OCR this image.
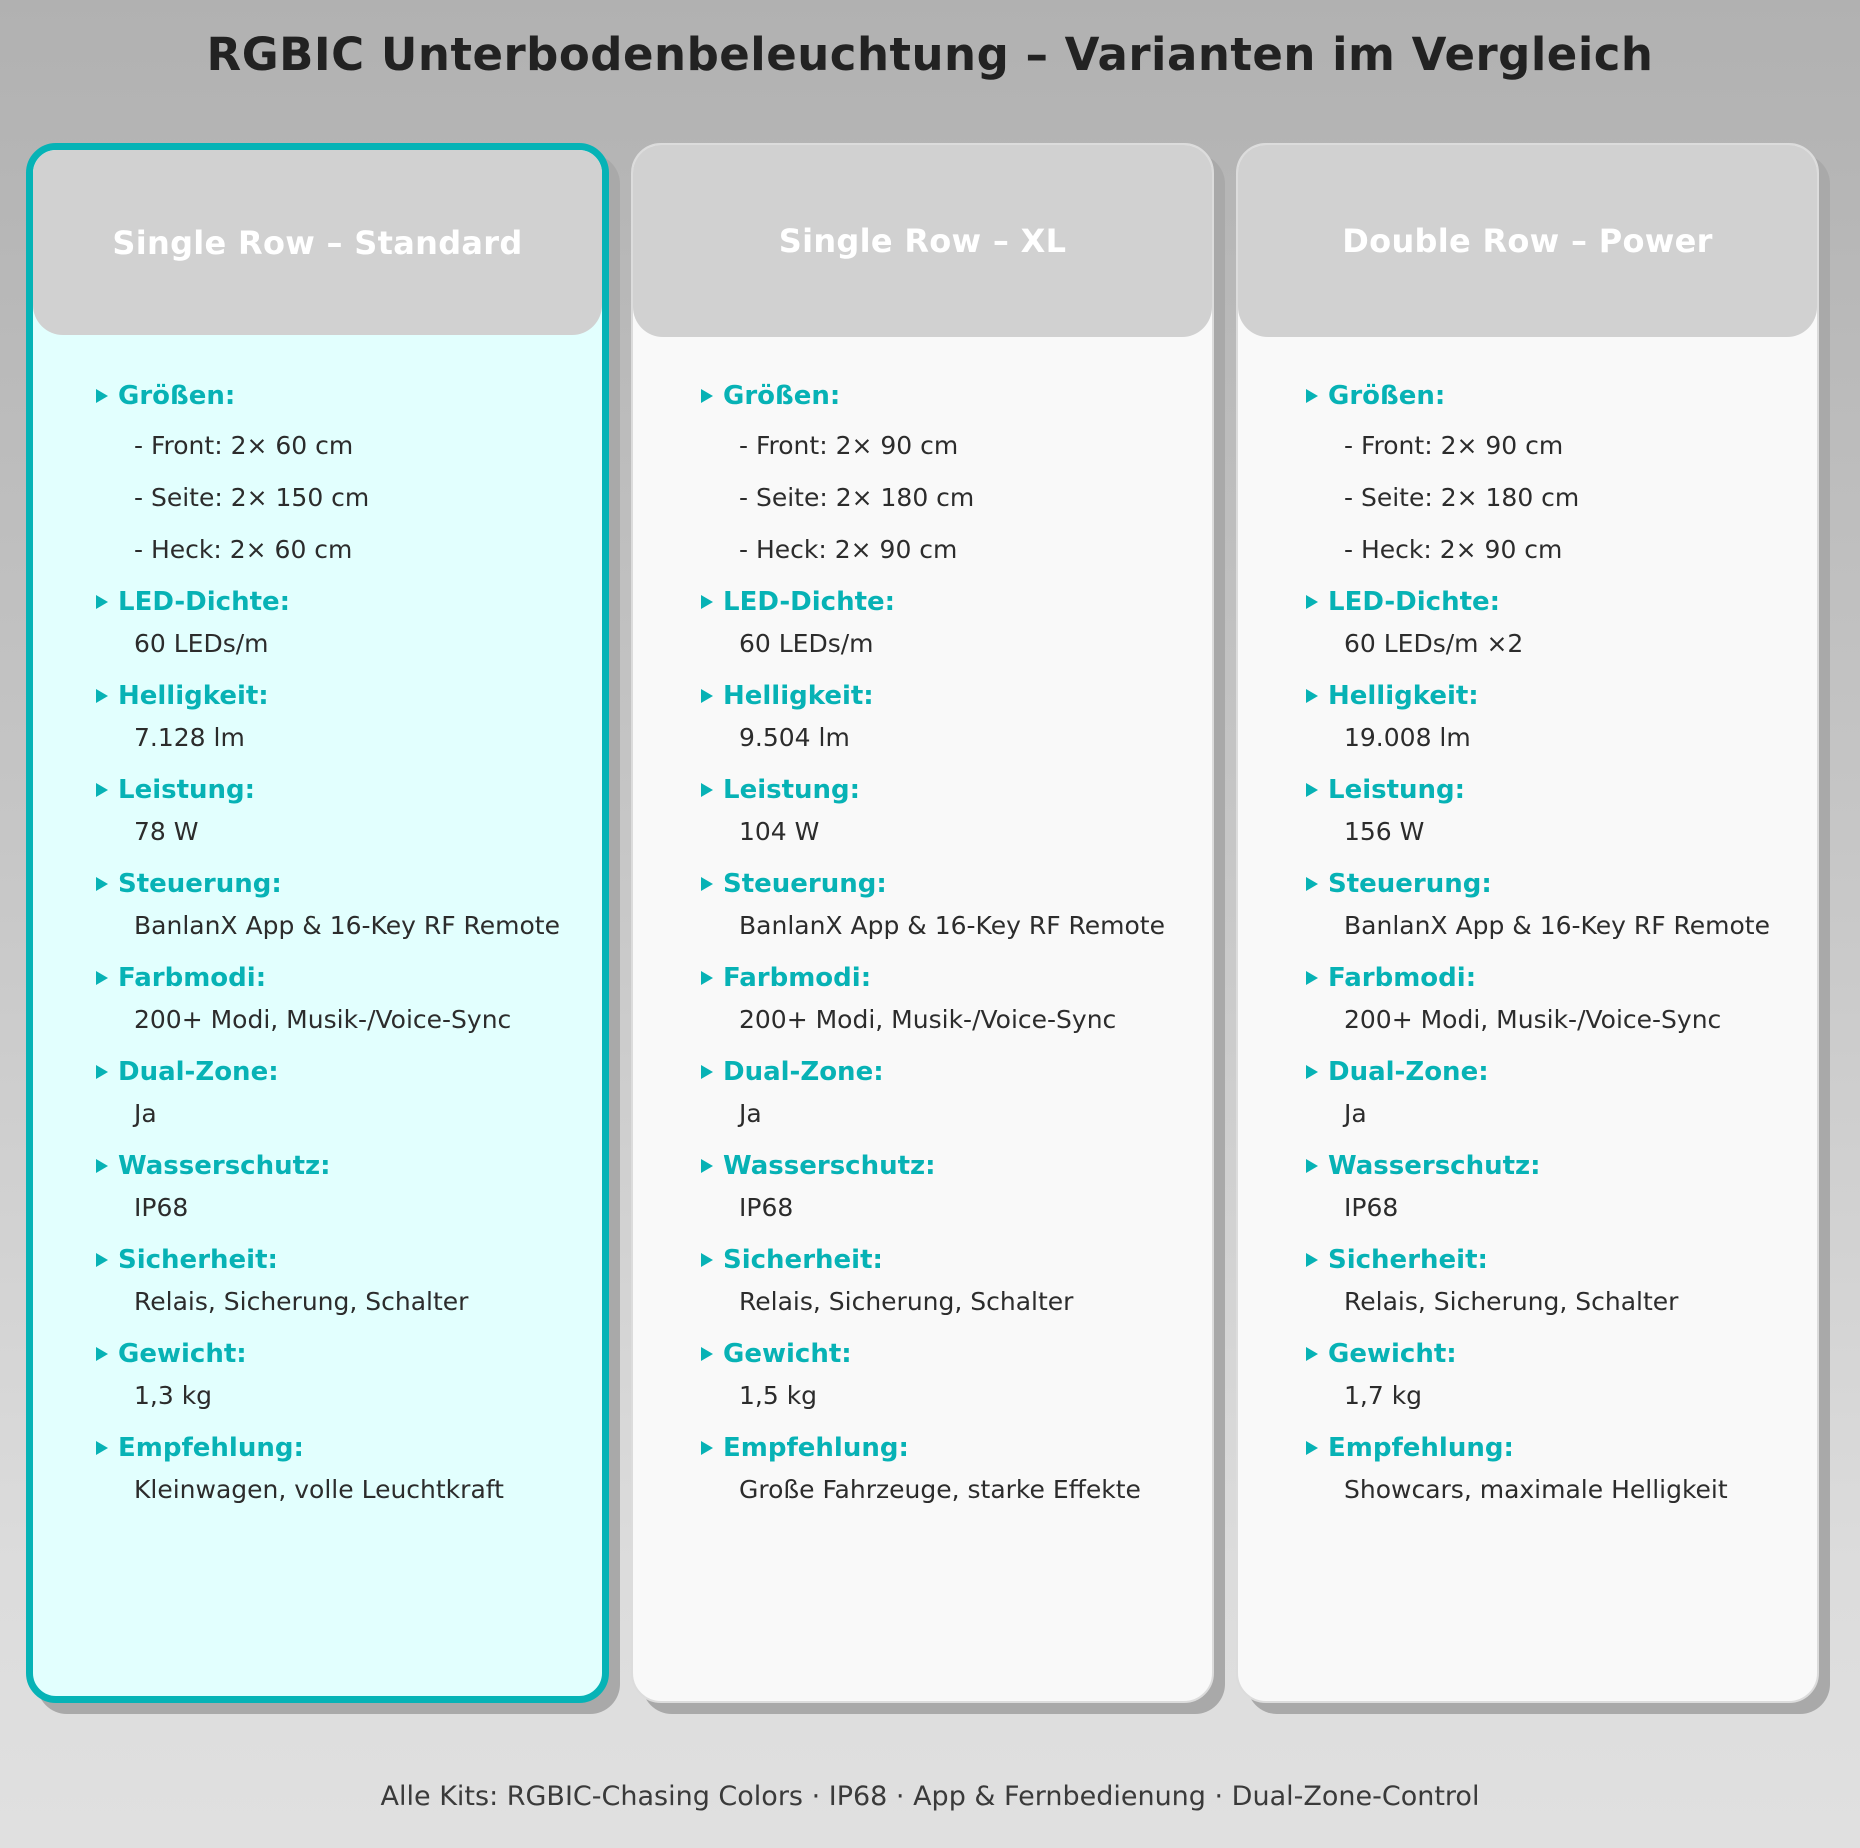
RGBIC Unterbodenbeleuchtung – Varianten im Vergleich
Single Row – Standard
Größen:
- Front: 2× 60 cm
- Seite: 2× 150 cm
- Heck: 2× 60 cm
LED-Dichte:
60 LEDs/m
Helligkeit:
7.128 lm
Leistung:
78 W
Steuerung:
BanlanX App & 16-Key RF Remote
Farbmodi:
200+ Modi, Musik-/Voice-Sync
Dual-Zone:
Ja
Wasserschutz:
IP68
Sicherheit:
Relais, Sicherung, Schalter
Gewicht:
1,3 kg
Empfehlung:
Kleinwagen, volle Leuchtkraft
Single Row – XL
Größen:
- Front: 2× 90 cm
- Seite: 2× 180 cm
- Heck: 2× 90 cm
LED-Dichte:
60 LEDs/m
Helligkeit:
9.504 lm
Leistung:
104 W
Steuerung:
BanlanX App & 16-Key RF Remote
Farbmodi:
200+ Modi, Musik-/Voice-Sync
Dual-Zone:
Ja
Wasserschutz:
IP68
Sicherheit:
Relais, Sicherung, Schalter
Gewicht:
1,5 kg
Empfehlung:
Große Fahrzeuge, starke Effekte
Double Row – Power
Größen:
- Front: 2× 90 cm
- Seite: 2× 180 cm
- Heck: 2× 90 cm
LED-Dichte:
60 LEDs/m ×2
Helligkeit:
19.008 lm
Leistung:
156 W
Steuerung:
BanlanX App & 16-Key RF Remote
Farbmodi:
200+ Modi, Musik-/Voice-Sync
Dual-Zone:
Ja
Wasserschutz:
IP68
Sicherheit:
Relais, Sicherung, Schalter
Gewicht:
1,7 kg
Empfehlung:
Showcars, maximale Helligkeit
Alle Kits: RGBIC-Chasing Colors · IP68 · App & Fernbedienung · Dual-Zone-Control
